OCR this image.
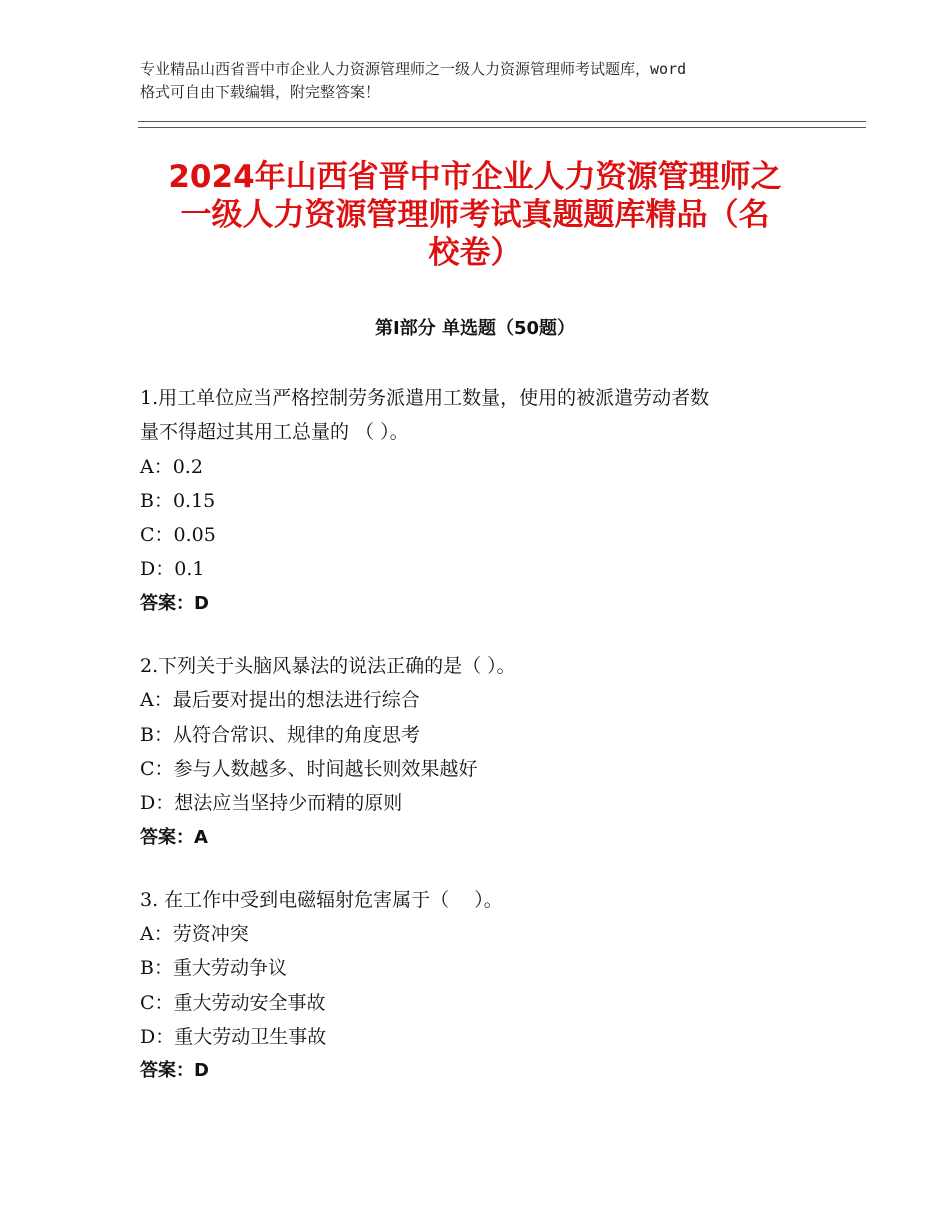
专业精品山西省晋中市企业人力资源管理师之一级人力资源管理师考试题库，word
格式可自由下载编辑，附完整答案！
2024年山西省晋中市企业人力资源管理师之
一级人力资源管理师考试真题题库精品（名
校卷）
第Ⅰ部分 单选题（50题）
1.用工单位应当严格控制劳务派遣用工数量，使用的被派遣劳动者数
量不得超过其用工总量的 （ ）。
A：0.2
B：0.15
C：0.05
D：0.1
答案：D
2.下列关于头脑风暴法的说法正确的是（ ）。
A：最后要对提出的想法进行综合
B：从符合常识、规律的角度思考
C：参与人数越多、时间越长则效果越好
D：想法应当坚持少而精的原则
答案：A
3. 在工作中受到电磁辐射危害属于（　 ）。
A：劳资冲突
B：重大劳动争议
C：重大劳动安全事故
D：重大劳动卫生事故
答案：D
